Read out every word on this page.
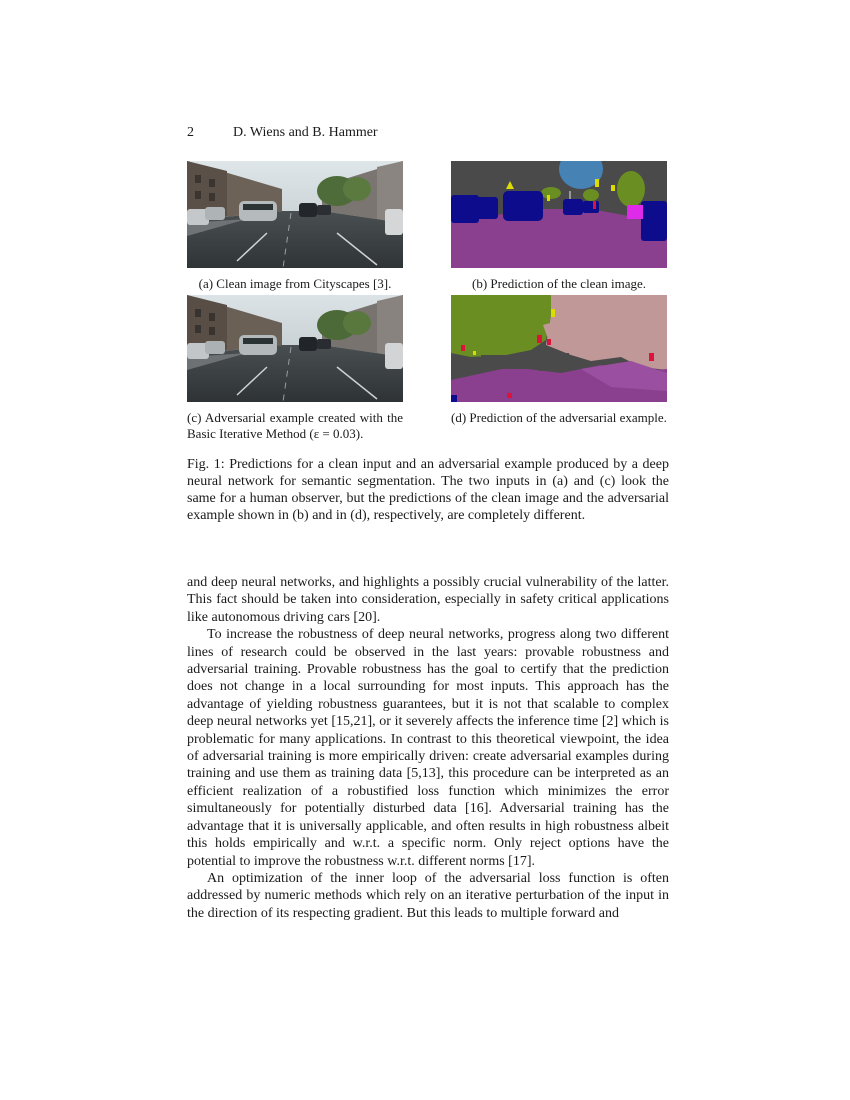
2	D. Wiens and B. Hammer
(a) Clean image from Cityscapes [3].	(b) Prediction of the clean image.
(c) Adversarial example created with the Basic Iterative Method (ε = 0.03).
(d) Prediction of the adversarial example.
Fig. 1: Predictions for a clean input and an adversarial example produced by a deep neural network for semantic segmentation. The two inputs in (a) and (c) look the same for a human observer, but the predictions of the clean image and the adversarial example shown in (b) and in (d), respectively, are completely different.

and deep neural networks, and highlights a possibly crucial vulnerability of the latter. This fact should be taken into consideration, especially in safety critical applications like autonomous driving cars [20].

To increase the robustness of deep neural networks, progress along two different lines of research could be observed in the last years: provable robustness and adversarial training. Provable robustness has the goal to certify that the prediction does not change in a local surrounding for most inputs. This approach has the advantage of yielding robustness guarantees, but it is not that scalable to complex deep neural networks yet [15,21], or it severely affects the inference time [2] which is problematic for many applications. In contrast to this theoretical viewpoint, the idea of adversarial training is more empirically driven: create adversarial examples during training and use them as training data [5,13], this procedure can be interpreted as an efficient realization of a robustified loss function which minimizes the error simultaneously for potentially disturbed data [16]. Adversarial training has the advantage that it is universally applicable, and often results in high robustness albeit this holds empirically and w.r.t. a specific norm. Only reject options have the potential to improve the robustness w.r.t. different norms [17].

An optimization of the inner loop of the adversarial loss function is often addressed by numeric methods which rely on an iterative perturbation of the input in the direction of its respecting gradient. But this leads to multiple forward and
